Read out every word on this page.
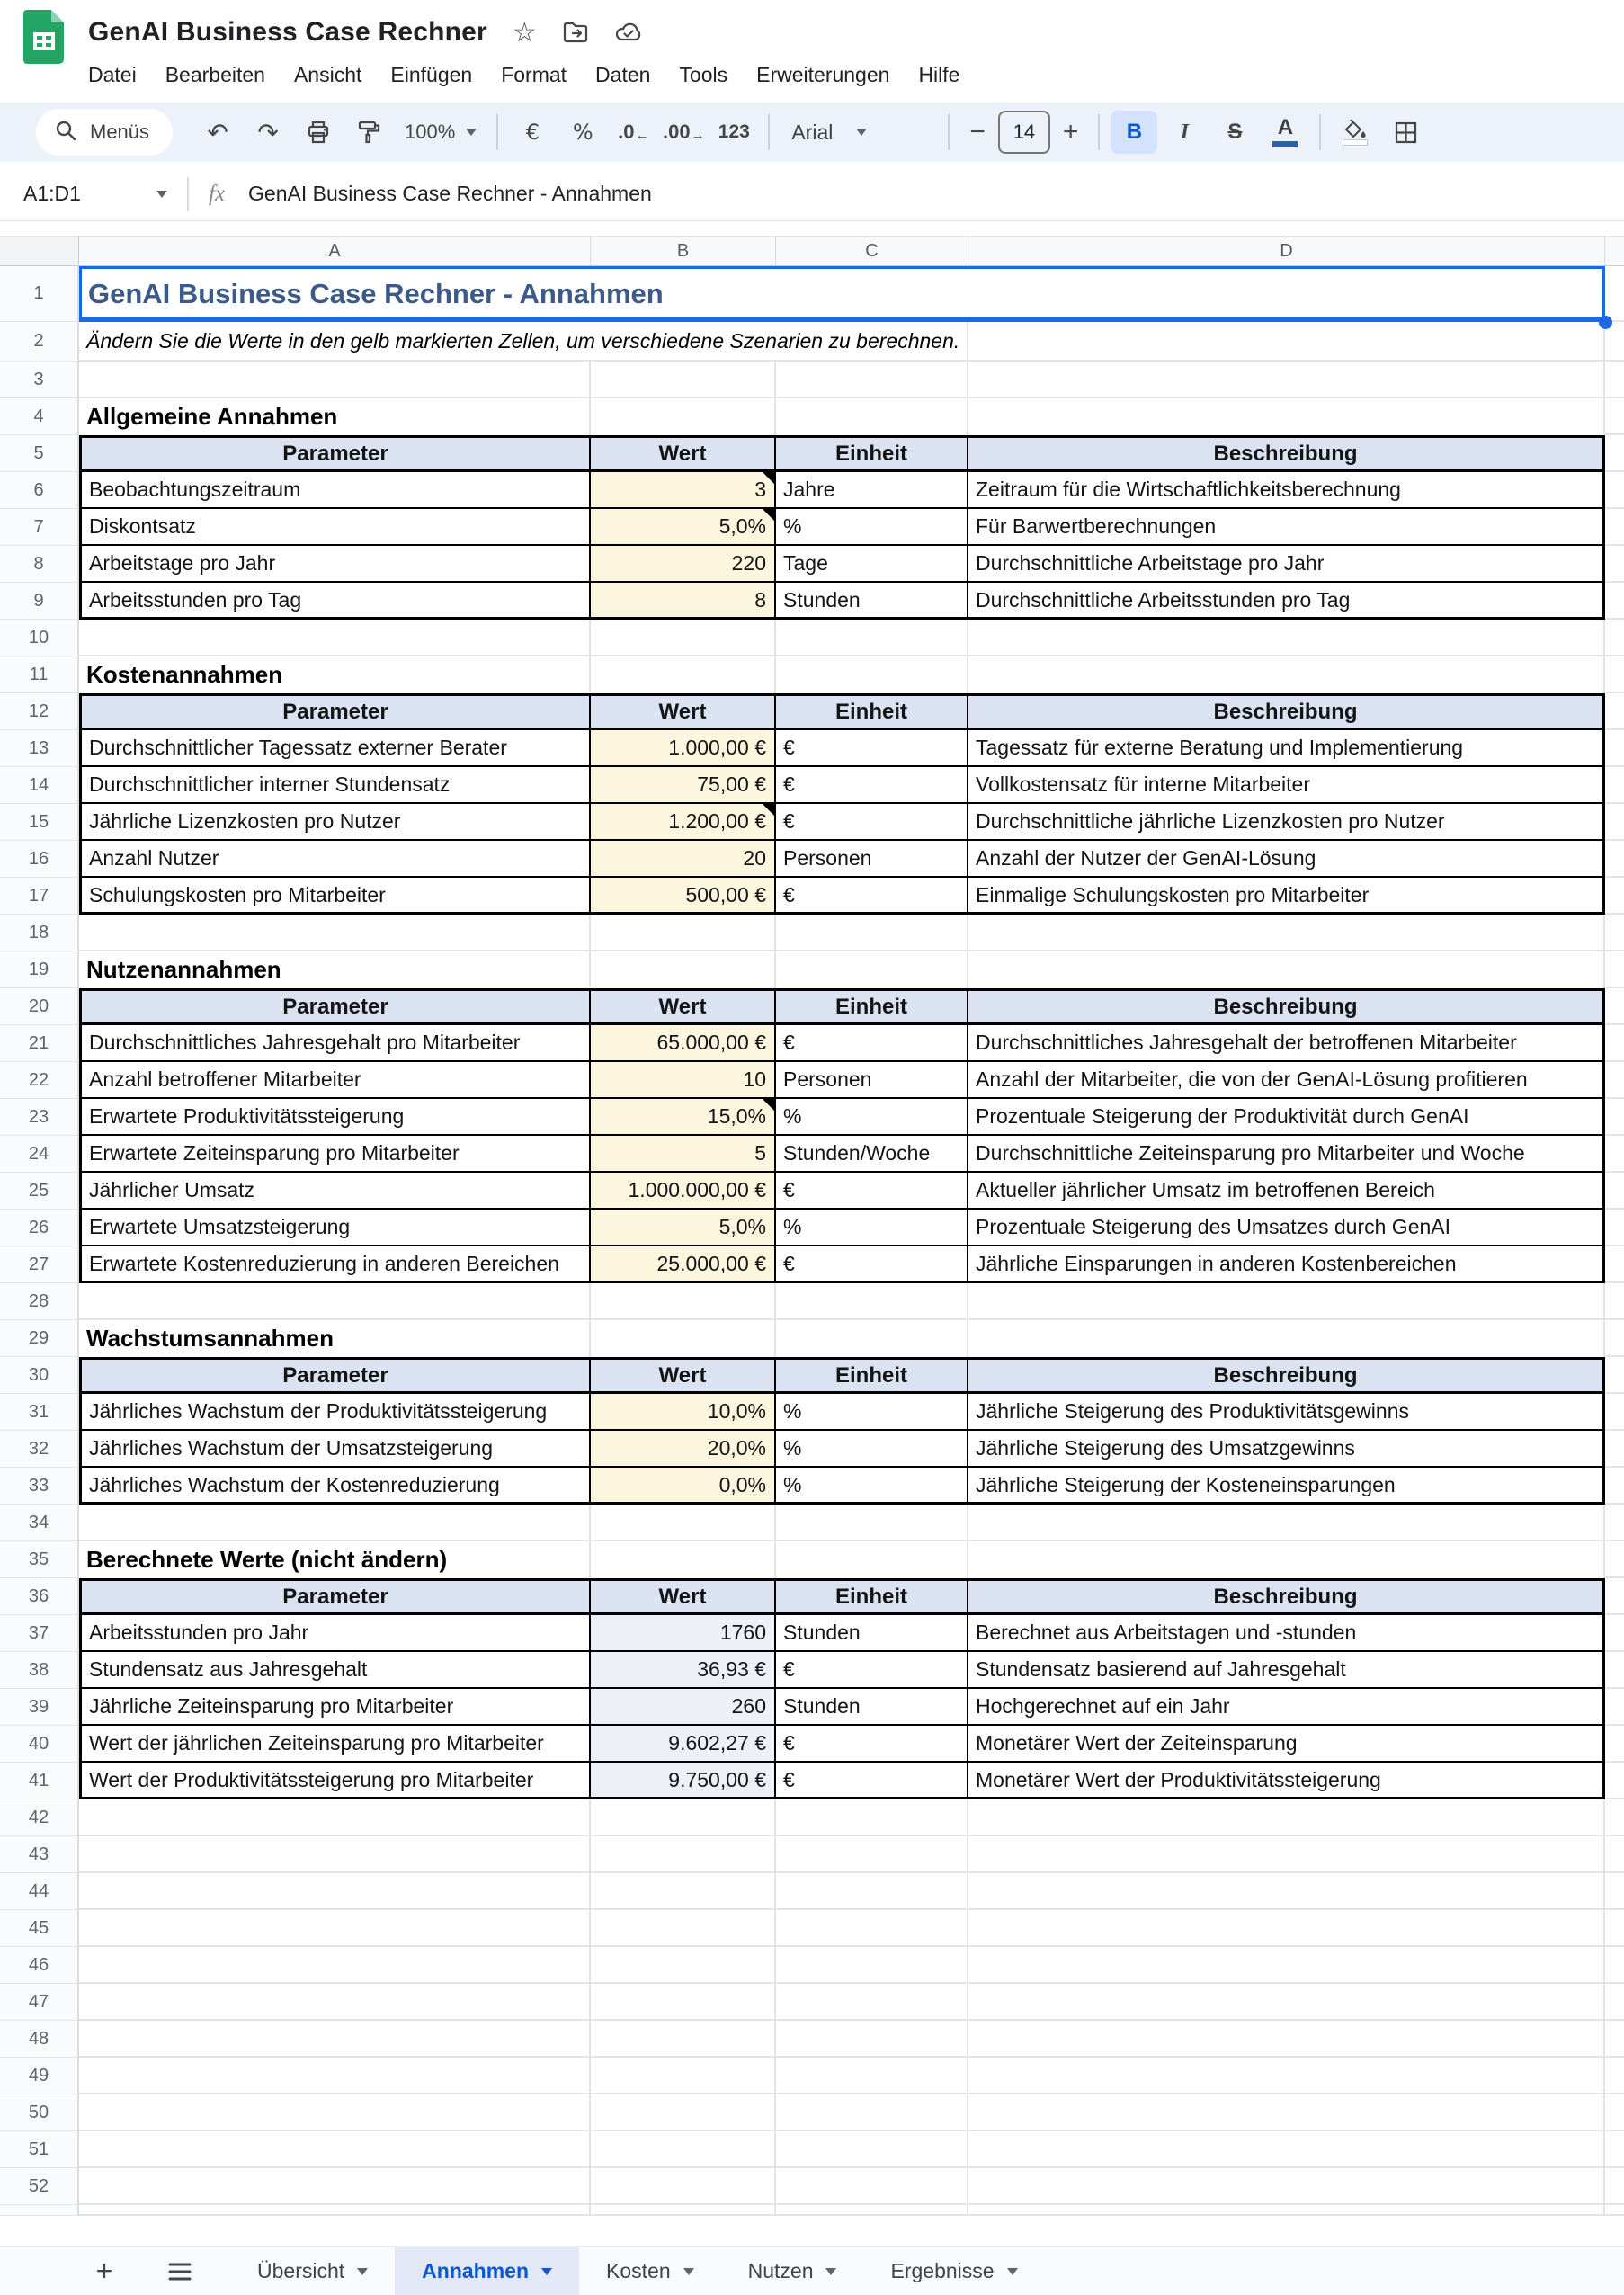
GenAI Business Case Rechner ☆
Datei Bearbeiten Ansicht Einfügen Format Daten Tools Erweiterungen Hilfe
Menüs ↶ ↷	100%	€ % .0 ← .00 → 123 Arial	−	14	+	B I S A
A1:D1	fx GenAI Business Case Rechner - Annahmen
A	B	C	D
1	GenAI Business Case Rechner - Annahmen
2	Ändern Sie die Werte in den gelb markierten Zellen, um verschiedene Szenarien zu berechnen.
3
4	Allgemeine Annahmen
5	Parameter	Wert	Einheit	Beschreibung
6	Beobachtungszeitraum	3 Jahre	Zeitraum für die Wirtschaftlichkeitsberechnung
7	Diskontsatz	5,0% %	Für Barwertberechnungen
8	Arbeitstage pro Jahr	220 Tage	Durchschnittliche Arbeitstage pro Jahr
9	Arbeitsstunden pro Tag	8 Stunden	Durchschnittliche Arbeitsstunden pro Tag
10
11	Kostenannahmen
12	Parameter	Wert	Einheit	Beschreibung
13	Durchschnittlicher Tagessatz externer Berater	1.000,00 € €	Tagessatz für externe Beratung und Implementierung
14	Durchschnittlicher interner Stundensatz	75,00 € €	Vollkostensatz für interne Mitarbeiter
15	Jährliche Lizenzkosten pro Nutzer	1.200,00 € €	Durchschnittliche jährliche Lizenzkosten pro Nutzer
16	Anzahl Nutzer	20 Personen	Anzahl der Nutzer der GenAI-Lösung
17	Schulungskosten pro Mitarbeiter	500,00 € €	Einmalige Schulungskosten pro Mitarbeiter
18
19	Nutzenannahmen
20	Parameter	Wert	Einheit	Beschreibung
21	Durchschnittliches Jahresgehalt pro Mitarbeiter	65.000,00 € €	Durchschnittliches Jahresgehalt der betroffenen Mitarbeiter
22	Anzahl betroffener Mitarbeiter	10 Personen	Anzahl der Mitarbeiter, die von der GenAI-Lösung profitieren
23	Erwartete Produktivitätssteigerung	15,0% %	Prozentuale Steigerung der Produktivität durch GenAI
24	Erwartete Zeiteinsparung pro Mitarbeiter	5 Stunden/Woche	Durchschnittliche Zeiteinsparung pro Mitarbeiter und Woche
25	Jährlicher Umsatz	1.000.000,00 € €	Aktueller jährlicher Umsatz im betroffenen Bereich
26	Erwartete Umsatzsteigerung	5,0% %	Prozentuale Steigerung des Umsatzes durch GenAI
27	Erwartete Kostenreduzierung in anderen Bereichen	25.000,00 € €	Jährliche Einsparungen in anderen Kostenbereichen
28
29	Wachstumsannahmen
30	Parameter	Wert	Einheit	Beschreibung
31	Jährliches Wachstum der Produktivitätssteigerung	10,0% %	Jährliche Steigerung des Produktivitätsgewinns
32	Jährliches Wachstum der Umsatzsteigerung	20,0% %	Jährliche Steigerung des Umsatzgewinns
33	Jährliches Wachstum der Kostenreduzierung	0,0% %	Jährliche Steigerung der Kosteneinsparungen
34
35	Berechnete Werte (nicht ändern)
36	Parameter	Wert	Einheit	Beschreibung
37	Arbeitsstunden pro Jahr	1760 Stunden	Berechnet aus Arbeitstagen und -stunden
38	Stundensatz aus Jahresgehalt	36,93 € €	Stundensatz basierend auf Jahresgehalt
39	Jährliche Zeiteinsparung pro Mitarbeiter	260 Stunden	Hochgerechnet auf ein Jahr
40	Wert der jährlichen Zeiteinsparung pro Mitarbeiter	9.602,27 € €	Monetärer Wert der Zeiteinsparung
41	Wert der Produktivitätssteigerung pro Mitarbeiter	9.750,00 € €	Monetärer Wert der Produktivitätssteigerung
42
43
44
45
46
47
48
49
50
51
52
+	Übersicht	Annahmen	Kosten	Nutzen	Ergebnisse
